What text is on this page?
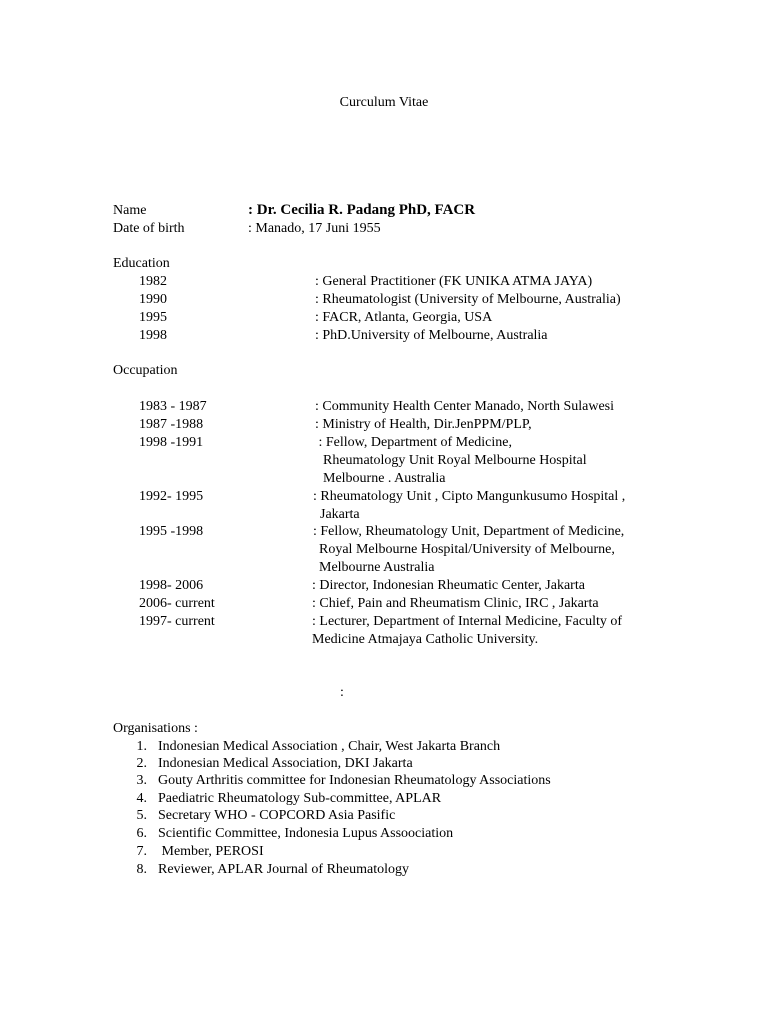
Curculum Vitae
Name	: Dr. Cecilia R. Padang PhD, FACR
Date of birth	: Manado, 17 Juni 1955
Education
1982	: General Practitioner (FK UNIKA ATMA JAYA)
1990	: Rheumatologist (University of Melbourne, Australia)
1995	: FACR, Atlanta, Georgia, USA
1998	: PhD.University of Melbourne, Australia
Occupation
1983 - 1987	: Community Health Center Manado, North Sulawesi
1987 -1988	: Ministry of Health, Dir.JenPPM/PLP,
1998 -1991	: Fellow, Department of Medicine,
Rheumatology Unit Royal Melbourne Hospital
Melbourne . Australia
1992- 1995	: Rheumatology Unit , Cipto Mangunkusumo Hospital ,
Jakarta
1995 -1998	: Fellow, Rheumatology Unit, Department of Medicine,
Royal Melbourne Hospital/University of Melbourne,
Melbourne Australia
1998- 2006	: Director, Indonesian Rheumatic Center, Jakarta
2006- current	: Chief, Pain and Rheumatism Clinic, IRC , Jakarta
1997- current	: Lecturer, Department of Internal Medicine, Faculty of
Medicine Atmajaya Catholic University.
:
Organisations :
1. Indonesian Medical Association , Chair, West Jakarta Branch
2. Indonesian Medical Association, DKI Jakarta
3. Gouty Arthritis committee for Indonesian Rheumatology Associations
4. Paediatric Rheumatology Sub-committee, APLAR
5. Secretary WHO - COPCORD Asia Pasific
6. Scientific Committee, Indonesia Lupus Assoociation
7. Member, PEROSI
8. Reviewer, APLAR Journal of Rheumatology
